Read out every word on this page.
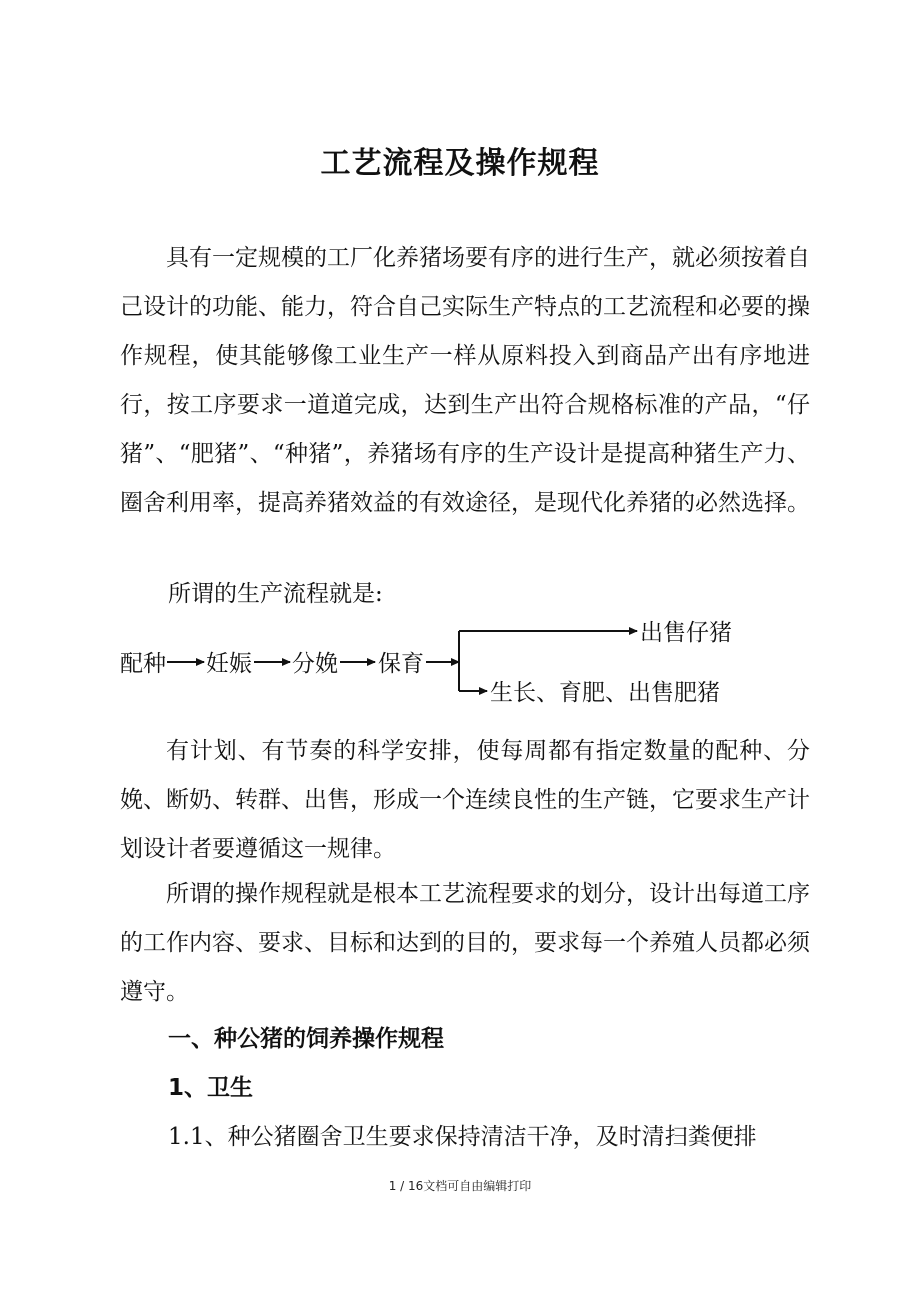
工艺流程及操作规程

具有一定规模的工厂化养猪场要有序的进行生产，就必须按着自己设计的功能、能力，符合自己实际生产特点的工艺流程和必要的操作规程，使其能够像工业生产一样从原料投入到商品产出有序地进行，按工序要求一道道完成，达到生产出符合规格标准的产品，“仔猪”、“肥猪”、“种猪”，养猪场有序的生产设计是提高种猪生产力、圈舍利用率，提高养猪效益的有效途径，是现代化养猪的必然选择。

所谓的生产流程就是:

配种 妊娠 分娩 保育
出售仔猪
生长、育肥、出售肥猪

有计划、有节奏的科学安排，使每周都有指定数量的配种、分娩、断奶、转群、出售，形成一个连续良性的生产链，它要求生产计划设计者要遵循这一规律。

所谓的操作规程就是根本工艺流程要求的划分，设计出每道工序的工作内容、要求、目标和达到的目的，要求每一个养殖人员都必须遵守。

一、种公猪的饲养操作规程

1、卫生

1.1、种公猪圈舍卫生要求保持清洁干净，及时清扫粪便排

1 / 16文档可自由编辑打印
